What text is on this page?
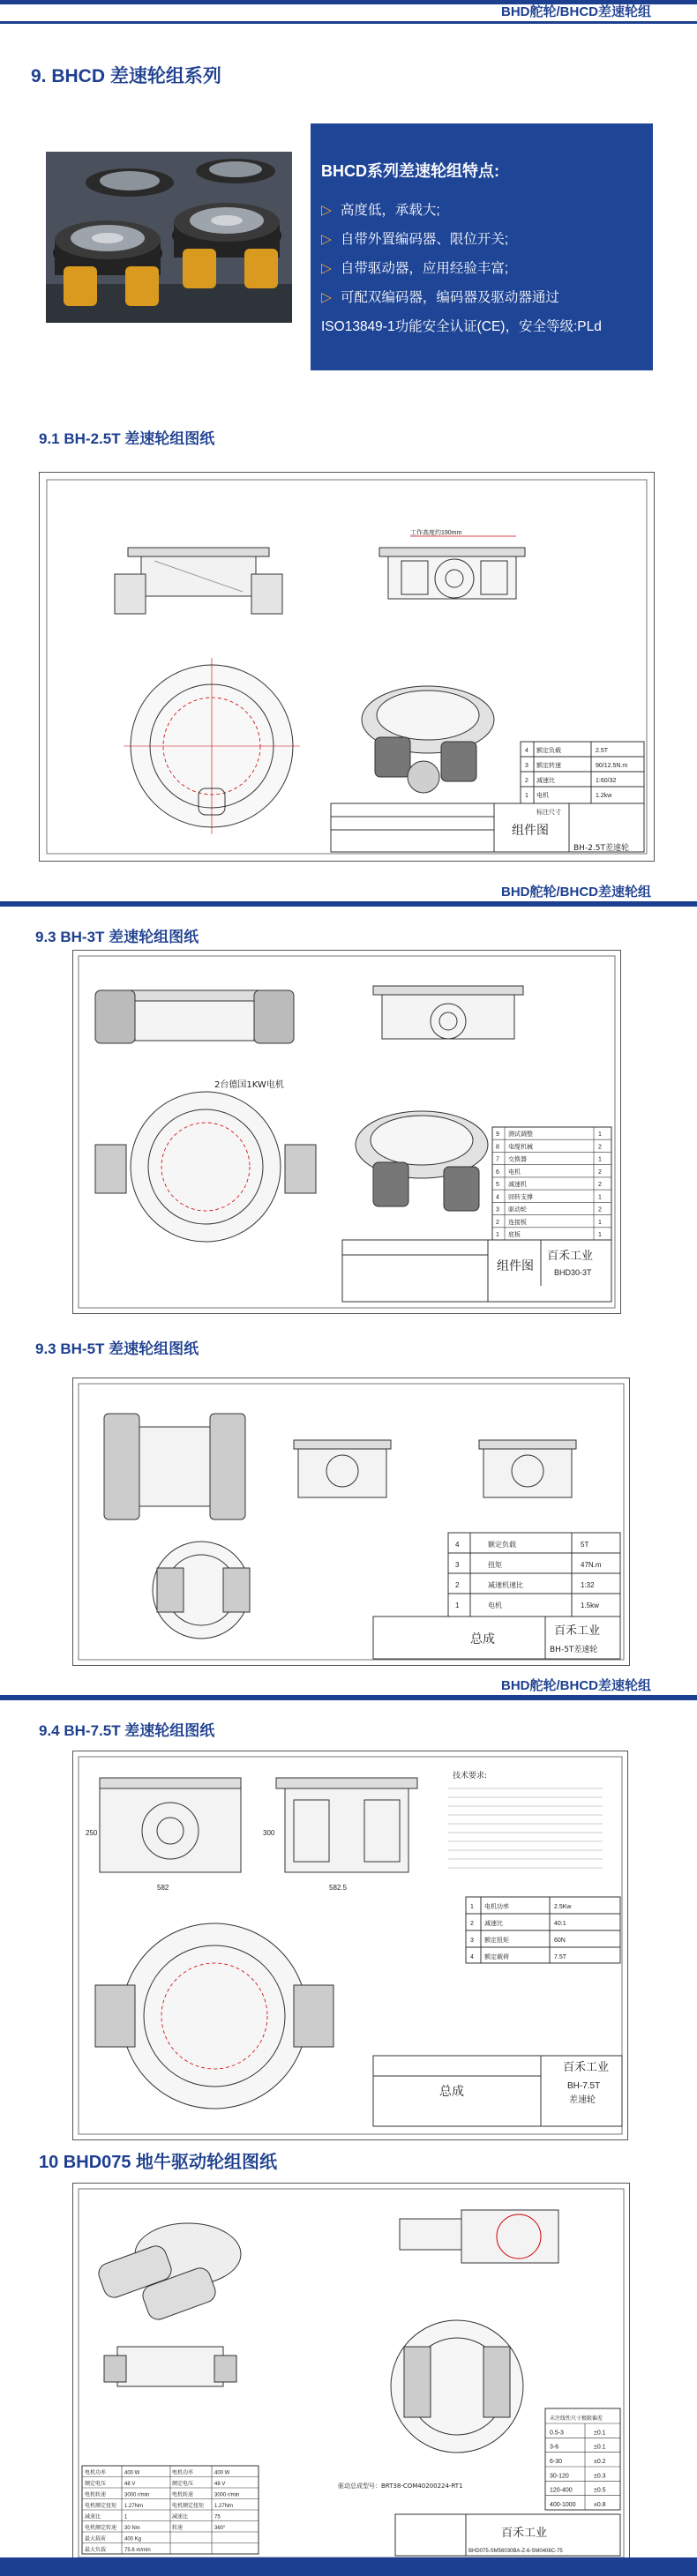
BHD舵轮/BHCD差速轮组
9. BHCD 差速轮组系列
BHCD系列差速轮组特点:
▷ 高度低，承载大;
▷ 自带外置编码器、限位开关;
▷ 自带驱动器，应用经验丰富;
▷ 可配双编码器，编码器及驱动器通过
ISO13849-1功能安全认证(CE)，安全等级:PLd
9.1 BH-2.5T 差速轮组图纸
工作高度约190mm
组件图
BH-2.5T差速轮
4 额定负载	2.5T
3 额定转速	90/12.5N.m
2 减速比	1:60/32
1 电机	1.2kw
标注尺寸
BHD舵轮/BHCD差速轮组
9.3 BH-3T 差速轮组图纸
2台德国1KW电机
9 测试调整	1
8 电缆机械	2
7 交换器	1
6 电机	2
5 减速机	2
4 回转支撑	1
3 驱动轮	2
2 连接板	1
1 底板	1
组件图
百禾工业
BHD30-3T
9.3 BH-5T 差速轮组图纸
4	额定负载	5T
3	扭矩	47N.m
2	减速机速比	1:32
1	电机	1.5kw
总成
百禾工业
BH-5T差速轮
BHD舵轮/BHCD差速轮组
9.4 BH-7.5T 差速轮组图纸
582
250
582.5
300
技术要求:
1 电机功率	2.5Kw
2 减速比	40:1
3 额定扭矩	60N
4 额定载荷	7.5T
总成
百禾工业
BH-7.5T
差速轮
10 BHD075 地牛驱动轮组图纸
驱动总成型号：BRT38-COM40200224-RT1
电机功率	400 W	电机功率	400 W
额定电压	48 V	额定电压	48 V
电机转速	3000 r/min	电机转速	3000 r/min
电机额定扭矩 1.27Nm	电机额定扭矩 1.27Nm
减速比	1	减速比	75
电机额定转速 30 Nm	转速	360°
最大载荷	400 Kg
最大负载	75.6 m/min
未注线性尺寸极限偏差
0.5-3	±0.1
3-6	±0.1
6-30	±0.2
30-120	±0.3
120-400	±0.5
400-1000	±0.8
百禾工业
BHD075-SM56030BA-Z-6-SM0408C-75
